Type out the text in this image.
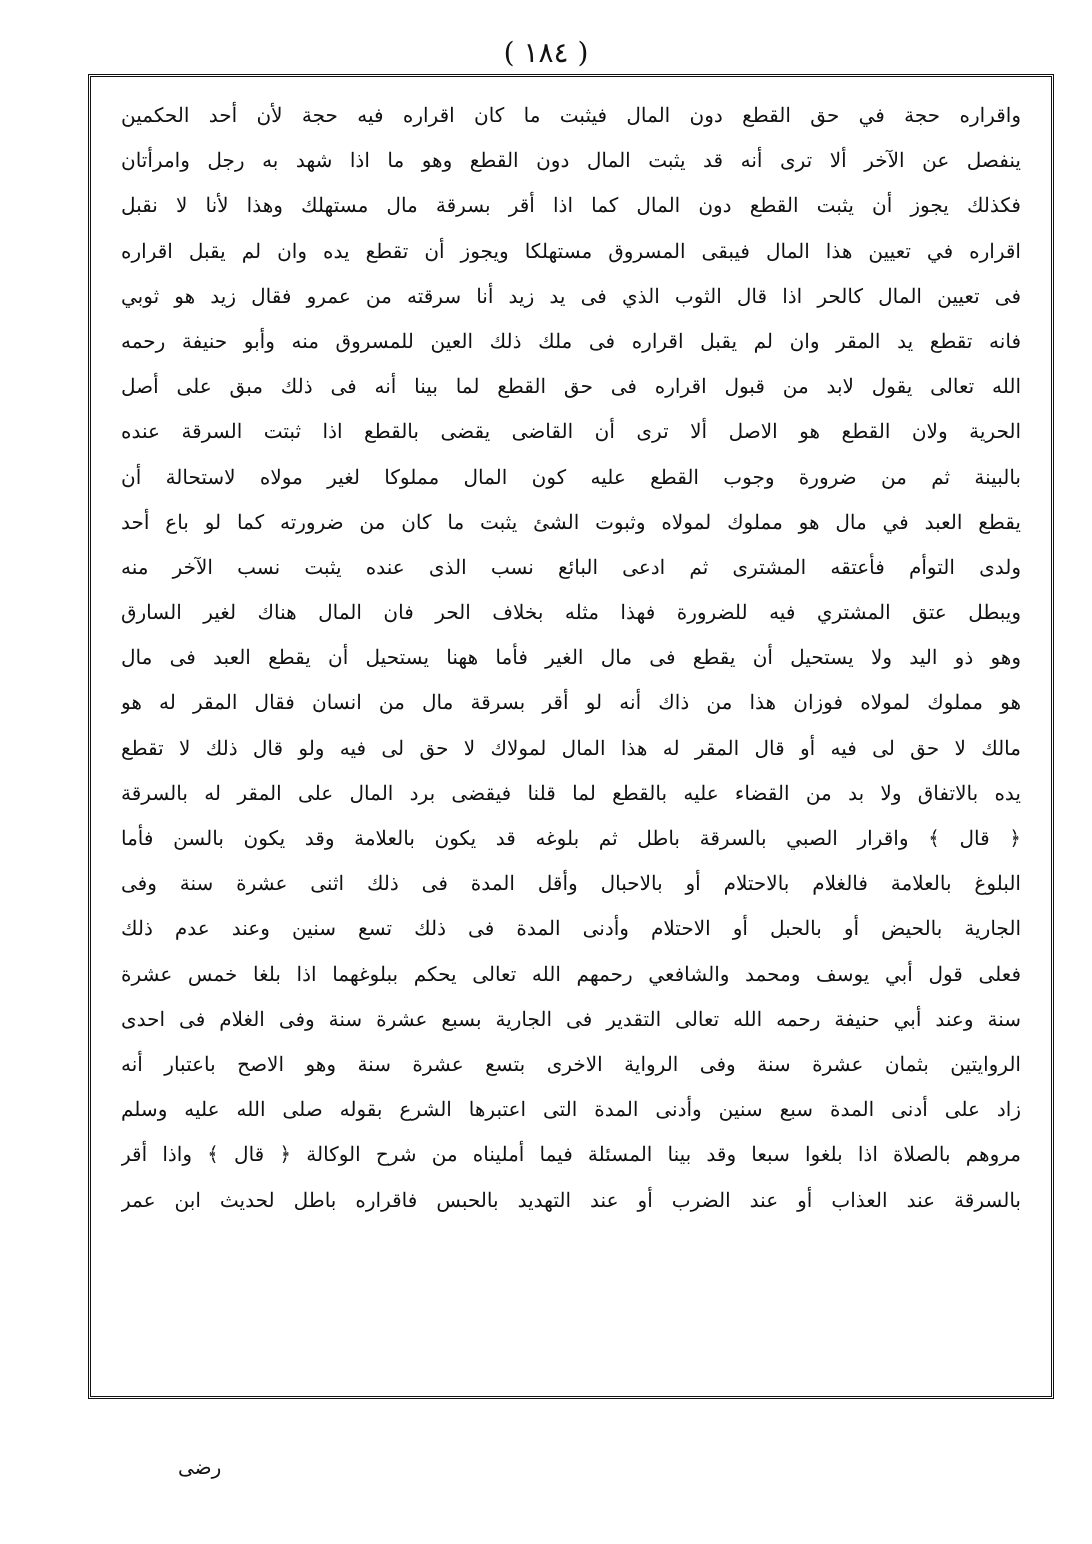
( ١٨٤ )
واقراره حجة في حق القطع دون المال فيثبت ما كان اقراره فيه حجة لأن أحد الحكمين
ينفصل عن الآخر ألا ترى أنه قد يثبت المال دون القطع وهو ما اذا شهد به رجل وامرأتان
فكذلك يجوز أن يثبت القطع دون المال كما اذا أقر بسرقة مال مستهلك وهذا لأنا لا نقبل
اقراره في تعيين هذا المال فيبقى المسروق مستهلكا ويجوز أن تقطع يده وان لم يقبل اقراره
فى تعيين المال كالحر اذا قال الثوب الذي فى يد زيد أنا سرقته من عمرو فقال زيد هو ثوبي
فانه تقطع يد المقر وان لم يقبل اقراره فى ملك ذلك العين للمسروق منه وأبو حنيفة رحمه
الله تعالى يقول لابد من قبول اقراره فى حق القطع لما بينا أنه فى ذلك مبق على أصل
الحرية ولان القطع هو الاصل ألا ترى أن القاضى يقضى بالقطع اذا ثبتت السرقة عنده
بالبينة ثم من ضرورة وجوب القطع عليه كون المال مملوكا لغير مولاه لاستحالة أن
يقطع العبد في مال هو مملوك لمولاه وثبوت الشئ يثبت ما كان من ضرورته كما لو باع أحد
ولدى التوأم فأعتقه المشترى ثم ادعى البائع نسب الذى عنده يثبت نسب الآخر منه
ويبطل عتق المشتري فيه للضرورة فهذا مثله بخلاف الحر فان المال هناك لغير السارق
وهو ذو اليد ولا يستحيل أن يقطع فى مال الغير فأما ههنا يستحيل أن يقطع العبد فى مال
هو مملوك لمولاه فوزان هذا من ذاك أنه لو أقر بسرقة مال من انسان فقال المقر له هو
مالك لا حق لى فيه أو قال المقر له هذا المال لمولاك لا حق لى فيه ولو قال ذلك لا تقطع
يده بالاتفاق ولا بد من القضاء عليه بالقطع لما قلنا فيقضى برد المال على المقر له بالسرقة
﴿ قال ﴾ واقرار الصبي بالسرقة باطل ثم بلوغه قد يكون بالعلامة وقد يكون بالسن فأما
البلوغ بالعلامة فالغلام بالاحتلام أو بالاحبال وأقل المدة فى ذلك اثنى عشرة سنة وفى
الجارية بالحيض أو بالحبل أو الاحتلام وأدنى المدة فى ذلك تسع سنين وعند عدم ذلك
فعلى قول أبي يوسف ومحمد والشافعي رحمهم الله تعالى يحكم ببلوغهما اذا بلغا خمس عشرة
سنة وعند أبي حنيفة رحمه الله تعالى التقدير فى الجارية بسبع عشرة سنة وفى الغلام فى احدى
الروايتين بثمان عشرة سنة وفى الرواية الاخرى بتسع عشرة سنة وهو الاصح باعتبار أنه
زاد على أدنى المدة سبع سنين وأدنى المدة التى اعتبرها الشرع بقوله صلى الله عليه وسلم
مروهم بالصلاة اذا بلغوا سبعا وقد بينا المسئلة فيما أمليناه من شرح الوكالة ﴿ قال ﴾ واذا أقر
بالسرقة عند العذاب أو عند الضرب أو عند التهديد بالحبس فاقراره باطل لحديث ابن عمر
رضى
